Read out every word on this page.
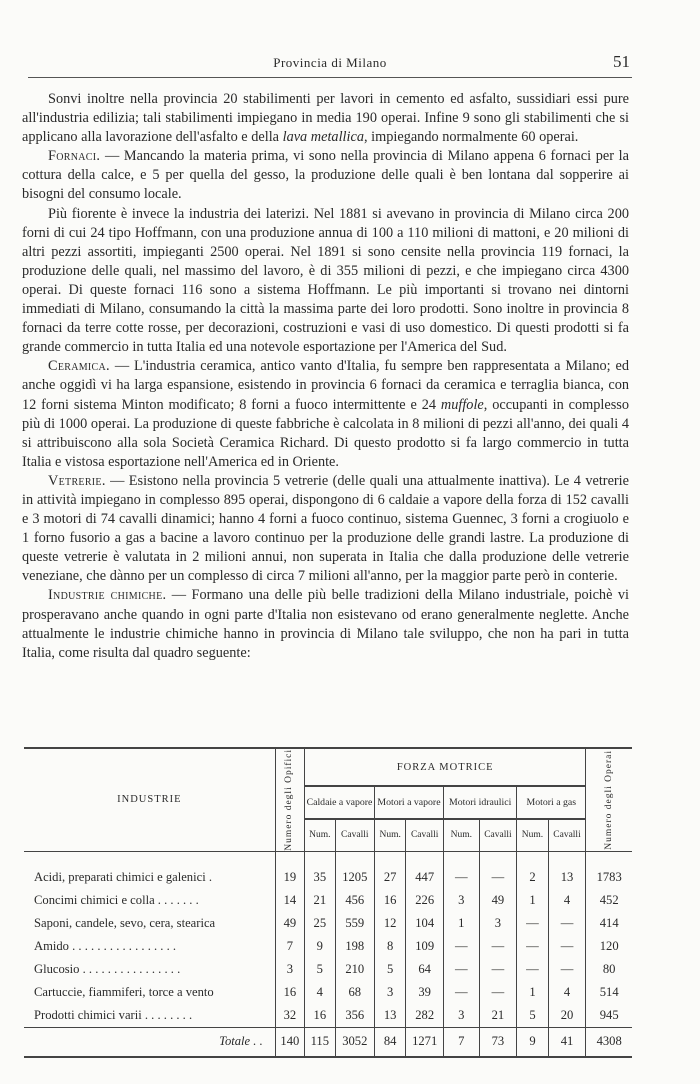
Provincia di Milano	51

Sonvi inoltre nella provincia 20 stabilimenti per lavori in cemento ed asfalto, sussidiari essi pure all'industria edilizia; tali stabilimenti impiegano in media 190 operai. Infine 9 sono gli stabilimenti che si applicano alla lavorazione dell'asfalto e della lava metallica, impiegando normalmente 60 operai.

Fornaci. — Mancando la materia prima, vi sono nella provincia di Milano appena 6 fornaci per la cottura della calce, e 5 per quella del gesso, la produzione delle quali è ben lontana dal sopperire ai bisogni del consumo locale.

Più fiorente è invece la industria dei laterizi. Nel 1881 si avevano in provincia di Milano circa 200 forni di cui 24 tipo Hoffmann, con una produzione annua di 100 a 110 milioni di mattoni, e 20 milioni di altri pezzi assortiti, impieganti 2500 operai. Nel 1891 si sono censite nella provincia 119 fornaci, la produzione delle quali, nel massimo del lavoro, è di 355 milioni di pezzi, e che impiegano circa 4300 operai. Di queste fornaci 116 sono a sistema Hoffmann. Le più importanti si trovano nei dintorni immediati di Milano, consumando la città la massima parte dei loro prodotti. Sono inoltre in provincia 8 fornaci da terre cotte rosse, per decorazioni, costruzioni e vasi di uso domestico. Di questi prodotti si fa grande commercio in tutta Italia ed una notevole esportazione per l'America del Sud.

Ceramica. — L'industria ceramica, antico vanto d'Italia, fu sempre ben rappresentata a Milano; ed anche oggidì vi ha larga espansione, esistendo in provincia 6 fornaci da ceramica e terraglia bianca, con 12 forni sistema Minton modificato; 8 forni a fuoco intermittente e 24 muffole, occupanti in complesso più di 1000 operai. La produzione di queste fabbriche è calcolata in 8 milioni di pezzi all'anno, dei quali 4 si attribuiscono alla sola Società Ceramica Richard. Di questo prodotto si fa largo commercio in tutta Italia e vistosa esportazione nell'America ed in Oriente.

Vetrerie. — Esistono nella provincia 5 vetrerie (delle quali una attualmente inattiva). Le 4 vetrerie in attività impiegano in complesso 895 operai, dispongono di 6 caldaie a vapore della forza di 152 cavalli e 3 motori di 74 cavalli dinamici; hanno 4 forni a fuoco continuo, sistema Guennec, 3 forni a crogiuolo e 1 forno fusorio a gas a bacine a lavoro continuo per la produzione delle grandi lastre. La produzione di queste vetrerie è valutata in 2 milioni annui, non superata in Italia che dalla produzione delle vetrerie veneziane, che dànno per un complesso di circa 7 milioni all'anno, per la maggior parte però in conterie.

Industrie chimiche. — Formano una delle più belle tradizioni della Milano industriale, poichè vi prosperavano anche quando in ogni parte d'Italia non esistevano od erano generalmente neglette. Anche attualmente le industrie chimiche hanno in provincia di Milano tale sviluppo, che non ha pari in tutta Italia, come risulta dal quadro seguente:

INDUSTRIE	Numero degli Opifici	FORZA MOTRICE								Numero degli Operai

		Caldaie a vapore		Motori a vapore		Motori idraulici		Motori a gas		
		Num.	Cavalli	Num.	Cavalli	Num.	Cavalli	Num.	Cavalli	
Acidi, preparati chimici e galenici .	19	35	1205	27	447	—	—	2	13	1783
Concimi chimici e colla . . . . . . .	14	21	456	16	226	3	49	1	4	452
Saponi, candele, sevo, cera, stearica	49	25	559	12	104	1	3	—	—	414
Amido . . . . . . . . . . . . . . . . .	7	9	198	8	109	—	—	—	—	120
Glucosio . . . . . . . . . . . . . . . .	3	5	210	5	64	—	—	—	—	80
Cartuccie, fiammiferi, torce a vento	16	4	68	3	39	—	—	1	4	514
Prodotti chimici varii . . . . . . . .	32	16	356	13	282	3	21	5	20	945
Totale . .	140	115	3052	84	1271	7	73	9	41	4308
